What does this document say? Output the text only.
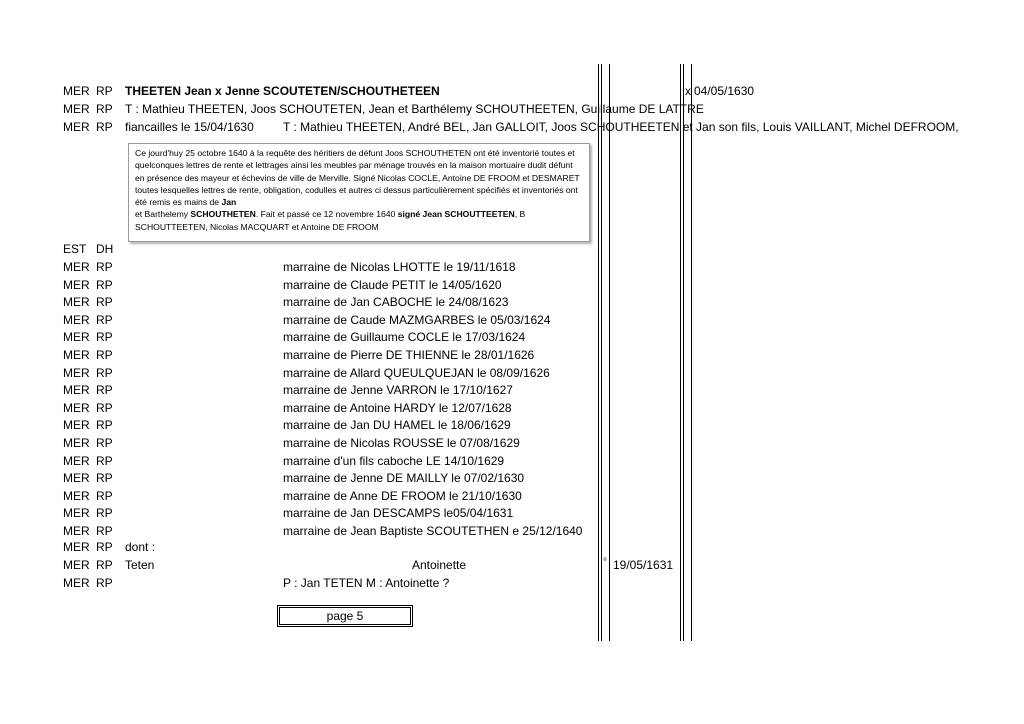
MER RP THEETEN Jean x Jenne SCOUTETEN/SCHOUTHETEEN	x 04/05/1630
MER RP T : Mathieu THEETEN, Joos SCHOUTETEN, Jean et Barthélemy SCHOUTHEETEN, Guillaume DE LATTRE
MER RP fiancailles le 15/04/1630 T : Mathieu THEETEN, André BEL, Jan GALLOIT, Joos SCHOUTHEETEN et Jan son fils, Louis VAILLANT, Michel DEFROOM,
Ce jourd'huy 25 octobre 1640 à la requête des héritiers de défunt Joos SCHOUTHETEN ont été inventorié toutes et quelconques lettres de rente et lettrages ainsi les meubles par ménage trouvés en la maison mortuaire dudit défunt en présence des mayeur et échevins de ville de Merville. Signé Nicolas COCLE, Antoine DE FROOM et DESMARET toutes lesquelles lettres de rente, obligation, codulles et autres ci dessus particulièrement spécifiés et inventoriés ont été remis es mains de Jan
et Barthelemy SCHOUTHETEN. Fait et passé ce 12 novembre 1640 signé Jean SCHOUTTEETEN, B SCHOUTTEETEN, Nicolas MACQUART et Antoine DE FROOM
EST DH
MER RP	marraine de Nicolas LHOTTE le 19/11/1618
MER RP	marraine de Claude PETIT le 14/05/1620
MER RP	marraine de Jan CABOCHE le 24/08/1623
MER RP	marraine de Caude MAZMGARBES le 05/03/1624
MER RP	marraine de Guillaume COCLE le 17/03/1624
MER RP	marraine de Pierre DE THIENNE le 28/01/1626
MER RP	marraine de Allard QUEULQUEJAN le 08/09/1626
MER RP	marraine de Jenne VARRON le 17/10/1627
MER RP	marraine de Antoine HARDY le 12/07/1628
MER RP	marraine de Jan DU HAMEL le 18/06/1629
MER RP	marraine de Nicolas ROUSSE le 07/08/1629
MER RP	marraine d'un fils caboche LE 14/10/1629
MER RP	marraine de Jenne DE MAILLY le 07/02/1630
MER RP	marraine de Anne DE FROOM le 21/10/1630
MER RP	marraine de Jan DESCAMPS le05/04/1631
MER RP	marraine de Jean Baptiste SCOUTETHEN e 25/12/1640
MER RP dont :
MER RP Teten	Antoinette	° 19/05/1631
MER RP	P : Jan TETEN M : Antoinette ?
page 5
